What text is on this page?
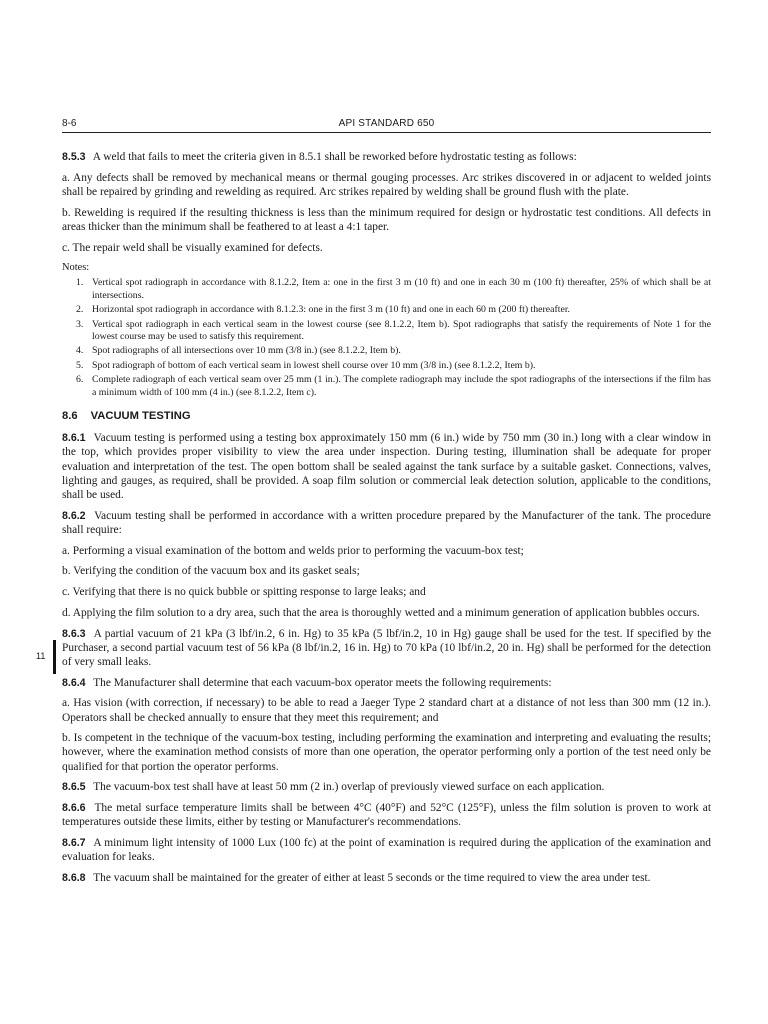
8-6	API STANDARD 650
11

8.5.3 A weld that fails to meet the criteria given in 8.5.1 shall be reworked before hydrostatic testing as follows:

a. Any defects shall be removed by mechanical means or thermal gouging processes. Arc strikes discovered in or adjacent to welded joints shall be repaired by grinding and rewelding as required. Arc strikes repaired by welding shall be ground flush with the plate.

b. Rewelding is required if the resulting thickness is less than the minimum required for design or hydrostatic test conditions. All defects in areas thicker than the minimum shall be feathered to at least a 4:1 taper.

c. The repair weld shall be visually examined for defects.

Notes:

1. Vertical spot radiograph in accordance with 8.1.2.2, Item a: one in the first 3 m (10 ft) and one in each 30 m (100 ft) thereafter, 25% of which shall be at intersections.
2. Horizontal spot radiograph in accordance with 8.1.2.3: one in the first 3 m (10 ft) and one in each 60 m (200 ft) thereafter.
3. Vertical spot radiograph in each vertical seam in the lowest course (see 8.1.2.2, Item b). Spot radiographs that satisfy the requirements of Note 1 for the lowest course may be used to satisfy this requirement.
4. Spot radiographs of all intersections over 10 mm (3/8 in.) (see 8.1.2.2, Item b).
5. Spot radiograph of bottom of each vertical seam in lowest shell course over 10 mm (3/8 in.) (see 8.1.2.2, Item b).
6. Complete radiograph of each vertical seam over 25 mm (1 in.). The complete radiograph may include the spot radiographs of the intersections if the film has a minimum width of 100 mm (4 in.) (see 8.1.2.2, Item c).
8.6 VACUUM TESTING

8.6.1 Vacuum testing is performed using a testing box approximately 150 mm (6 in.) wide by 750 mm (30 in.) long with a clear window in the top, which provides proper visibility to view the area under inspection. During testing, illumination shall be adequate for proper evaluation and interpretation of the test. The open bottom shall be sealed against the tank surface by a suitable gasket. Connections, valves, lighting and gauges, as required, shall be provided. A soap film solution or commercial leak detection solution, applicable to the conditions, shall be used.

8.6.2 Vacuum testing shall be performed in accordance with a written procedure prepared by the Manufacturer of the tank. The procedure shall require:

a. Performing a visual examination of the bottom and welds prior to performing the vacuum-box test;

b. Verifying the condition of the vacuum box and its gasket seals;

c. Verifying that there is no quick bubble or spitting response to large leaks; and

d. Applying the film solution to a dry area, such that the area is thoroughly wetted and a minimum generation of application bubbles occurs.

8.6.3 A partial vacuum of 21 kPa (3 lbf/in.2, 6 in. Hg) to 35 kPa (5 lbf/in.2, 10 in Hg) gauge shall be used for the test. If specified by the Purchaser, a second partial vacuum test of 56 kPa (8 lbf/in.2, 16 in. Hg) to 70 kPa (10 lbf/in.2, 20 in. Hg) shall be performed for the detection of very small leaks.

8.6.4 The Manufacturer shall determine that each vacuum-box operator meets the following requirements:

a. Has vision (with correction, if necessary) to be able to read a Jaeger Type 2 standard chart at a distance of not less than 300 mm (12 in.). Operators shall be checked annually to ensure that they meet this requirement; and

b. Is competent in the technique of the vacuum-box testing, including performing the examination and interpreting and evaluating the results; however, where the examination method consists of more than one operation, the operator performing only a portion of the test need only be qualified for that portion the operator performs.

8.6.5 The vacuum-box test shall have at least 50 mm (2 in.) overlap of previously viewed surface on each application.

8.6.6 The metal surface temperature limits shall be between 4°C (40°F) and 52°C (125°F), unless the film solution is proven to work at temperatures outside these limits, either by testing or Manufacturer's recommendations.

8.6.7 A minimum light intensity of 1000 Lux (100 fc) at the point of examination is required during the application of the examination and evaluation for leaks.

8.6.8 The vacuum shall be maintained for the greater of either at least 5 seconds or the time required to view the area under test.
